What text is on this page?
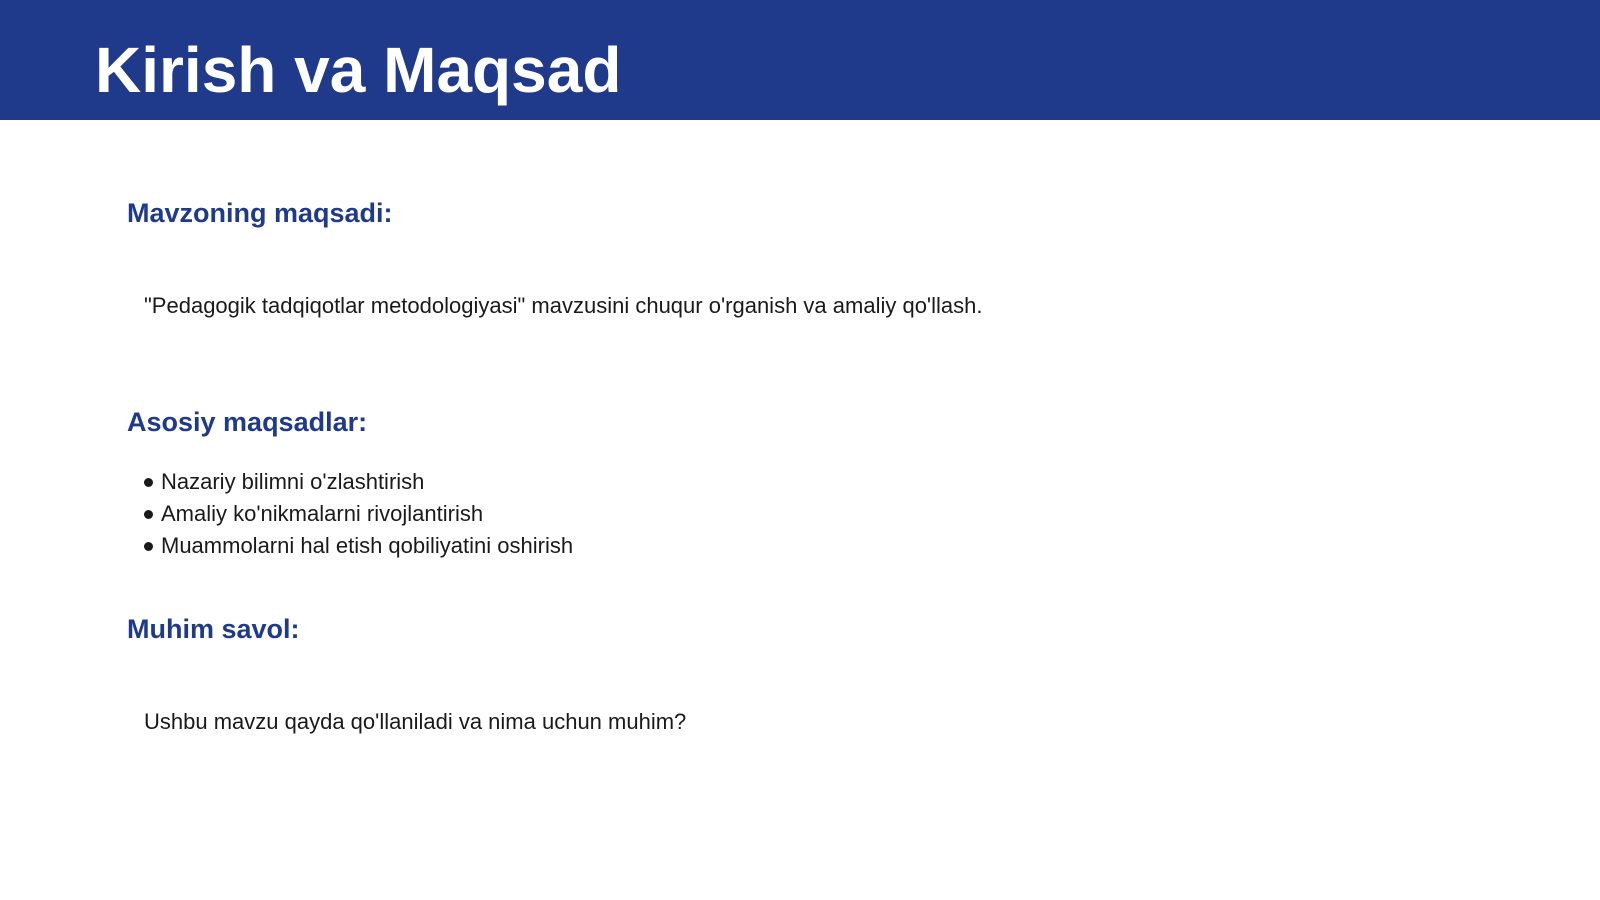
Kirish va Maqsad
Mavzoning maqsadi:

"Pedagogik tadqiqotlar metodologiyasi" mavzusini chuqur o'rganish va amaliy qo'llash.

Asosiy maqsadlar:
Nazariy bilimni o'zlashtirish
Amaliy ko'nikmalarni rivojlantirish
Muammolarni hal etish qobiliyatini oshirish
Muhim savol:

Ushbu mavzu qayda qo'llaniladi va nima uchun muhim?
